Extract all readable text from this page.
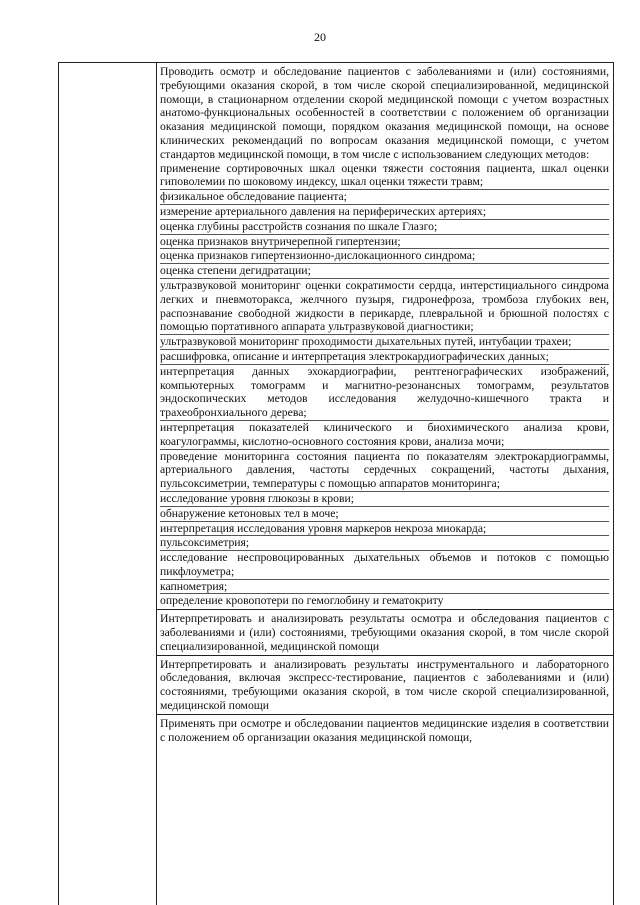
20

Проводить осмотр и обследование пациентов с заболеваниями и (или) состояниями, требующими оказания скорой, в том числе скорой специализированной, медицинской помощи, в стационарном отделении скорой медицинской помощи с учетом возрастных анатомо-функциональных особенностей в соответствии с положением об организации оказания медицинской помощи, порядком оказания медицинской помощи, на основе клинических рекомендаций по вопросам оказания медицинской помощи, с учетом стандартов медицинской помощи, в том числе с использованием следующих методов:

применение сортировочных шкал оценки тяжести состояния пациента, шкал оценки гиповолемии по шоковому индексу, шкал оценки тяжести травм;

физикальное обследование пациента;

измерение артериального давления на периферических артериях;

оценка глубины расстройств сознания по шкале Глазго;

оценка признаков внутричерепной гипертензии;

оценка признаков гипертензионно-дислокационного синдрома;

оценка степени дегидратации;

ультразвуковой мониторинг оценки сократимости сердца, интерстициального синдрома легких и пневмоторакса, желчного пузыря, гидронефроза, тромбоза глубоких вен, распознавание свободной жидкости в перикарде, плевральной и брюшной полостях с помощью портативного аппарата ультразвуковой диагностики;

ультразвуковой мониторинг проходимости дыхательных путей, интубации трахеи;

расшифровка, описание и интерпретация электрокардиографических данных;

интерпретация данных эхокардиографии, рентгенографических изображений, компьютерных томограмм и магнитно-резонансных томограмм, результатов эндоскопических методов исследования желудочно-кишечного тракта и трахеобронхиального дерева;

интерпретация показателей клинического и биохимического анализа крови, коагулограммы, кислотно-основного состояния крови, анализа мочи;

проведение мониторинга состояния пациента по показателям электрокардиограммы, артериального давления, частоты сердечных сокращений, частоты дыхания, пульсоксиметрии, температуры с помощью аппаратов мониторинга;

исследование уровня глюкозы в крови;

обнаружение кетоновых тел в моче;

интерпретация исследования уровня маркеров некроза миокарда;

пульсоксиметрия;

исследование неспровоцированных дыхательных объемов и потоков с помощью пикфлоуметра;

капнометрия;

определение кровопотери по гемоглобину и гематокриту

Интерпретировать и анализировать результаты осмотра и обследования пациентов с заболеваниями и (или) состояниями, требующими оказания скорой, в том числе скорой специализированной, медицинской помощи

Интерпретировать и анализировать результаты инструментального и лабораторного обследования, включая экспресс-тестирование, пациентов с заболеваниями и (или) состояниями, требующими оказания скорой, в том числе скорой специализированной, медицинской помощи

Применять при осмотре и обследовании пациентов медицинские изделия в соответствии с положением об организации оказания медицинской помощи,
